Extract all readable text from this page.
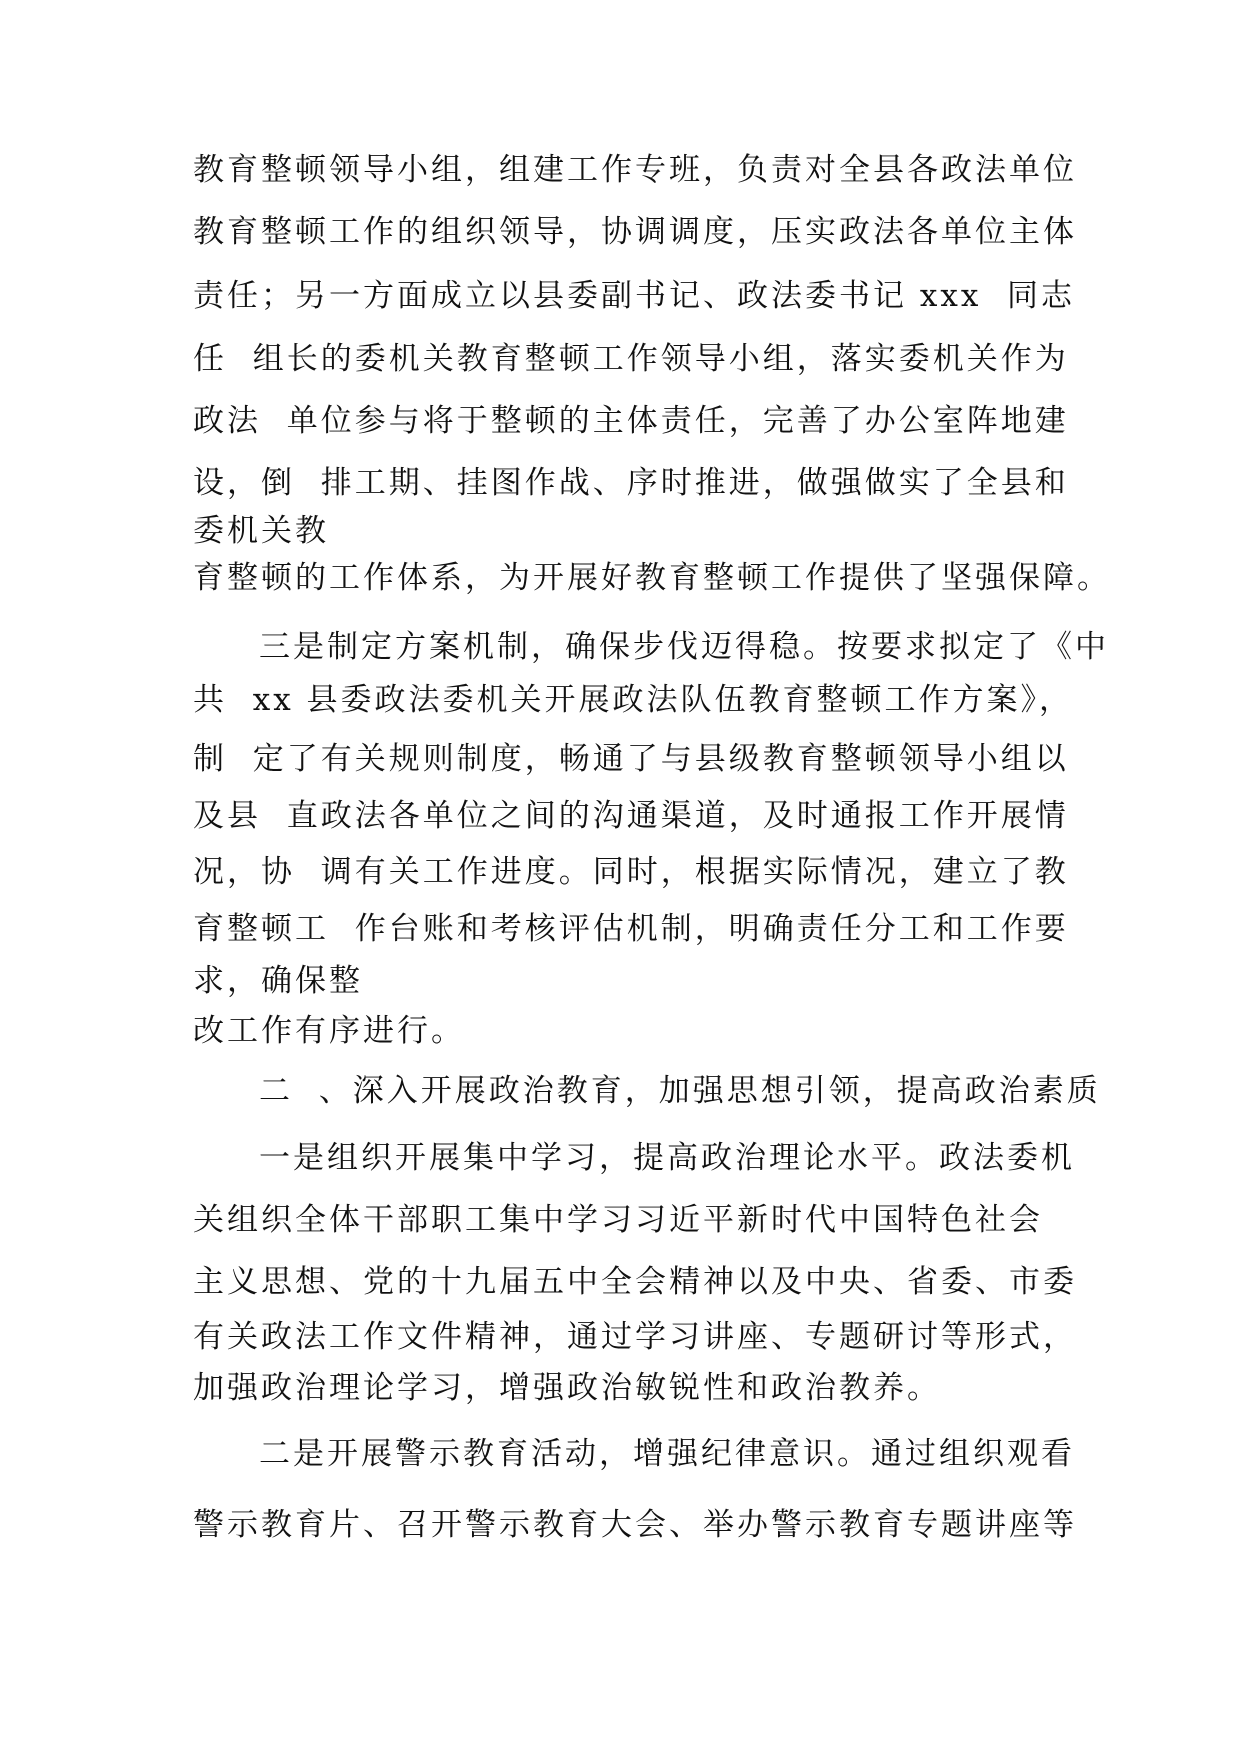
教育整顿领导小组，组建工作专班，负责对全县各政法单位

教育整顿工作的组织领导，协调调度，压实政法各单位主体

责任；另一方面成立以县委副书记、政法委书记 xxx  同志

任  组长的委机关教育整顿工作领导小组，落实委机关作为

政法  单位参与将于整顿的主体责任，完善了办公室阵地建

设，倒  排工期、挂图作战、序时推进，做强做实了全县和

委机关教

育整顿的工作体系，为开展好教育整顿工作提供了坚强保障。

三是制定方案机制，确保步伐迈得稳。按要求拟定了《中

共  xx 县委政法委机关开展政法队伍教育整顿工作方案》，

制  定了有关规则制度，畅通了与县级教育整顿领导小组以

及县  直政法各单位之间的沟通渠道，及时通报工作开展情

况，协  调有关工作进度。同时，根据实际情况，建立了教

育整顿工  作台账和考核评估机制，明确责任分工和工作要

求，确保整

改工作有序进行。

二  、深入开展政治教育，加强思想引领，提高政治素质

一是组织开展集中学习，提高政治理论水平。政法委机

关组织全体干部职工集中学习习近平新时代中国特色社会

主义思想、党的十九届五中全会精神以及中央、省委、市委

有关政法工作文件精神，通过学习讲座、专题研讨等形式，

加强政治理论学习，增强政治敏锐性和政治教养。

二是开展警示教育活动，增强纪律意识。通过组织观看

警示教育片、召开警示教育大会、举办警示教育专题讲座等
